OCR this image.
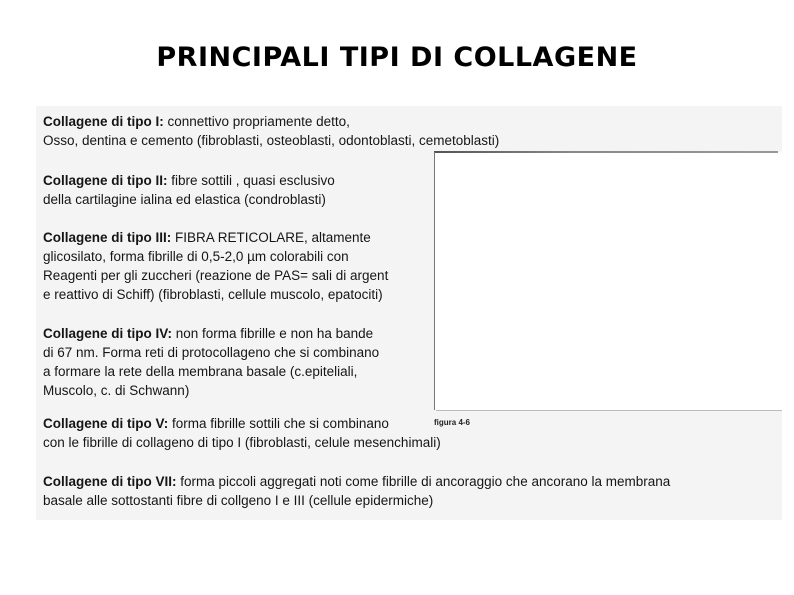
PRINCIPALI TIPI DI COLLAGENE
figura 4-6
Collagene di tipo I: connettivo propriamente detto,
Osso, dentina e cemento (fibroblasti, osteoblasti, odontoblasti, cemetoblasti)
Collagene di tipo II: fibre sottili , quasi esclusivo
della cartilagine ialina ed elastica (condroblasti)
Collagene di tipo III: FIBRA RETICOLARE, altamente
glicosilato, forma fibrille di 0,5-2,0 µm colorabili con
Reagenti per gli zuccheri (reazione de PAS= sali di argent
e reattivo di Schiff) (fibroblasti, cellule muscolo, epatociti)
Collagene di tipo IV: non forma fibrille e non ha bande
di 67 nm. Forma reti di protocollageno che si combinano
a formare la rete della membrana basale (c.epiteliali,
Muscolo, c. di Schwann)
Collagene di tipo V: forma fibrille sottili che si combinano
con le fibrille di collageno di tipo I (fibroblasti, celule mesenchimali)
Collagene di tipo VII: forma piccoli aggregati noti come fibrille di ancoraggio che ancorano la membrana
basale alle sottostanti fibre di collgeno I e III (cellule epidermiche)
